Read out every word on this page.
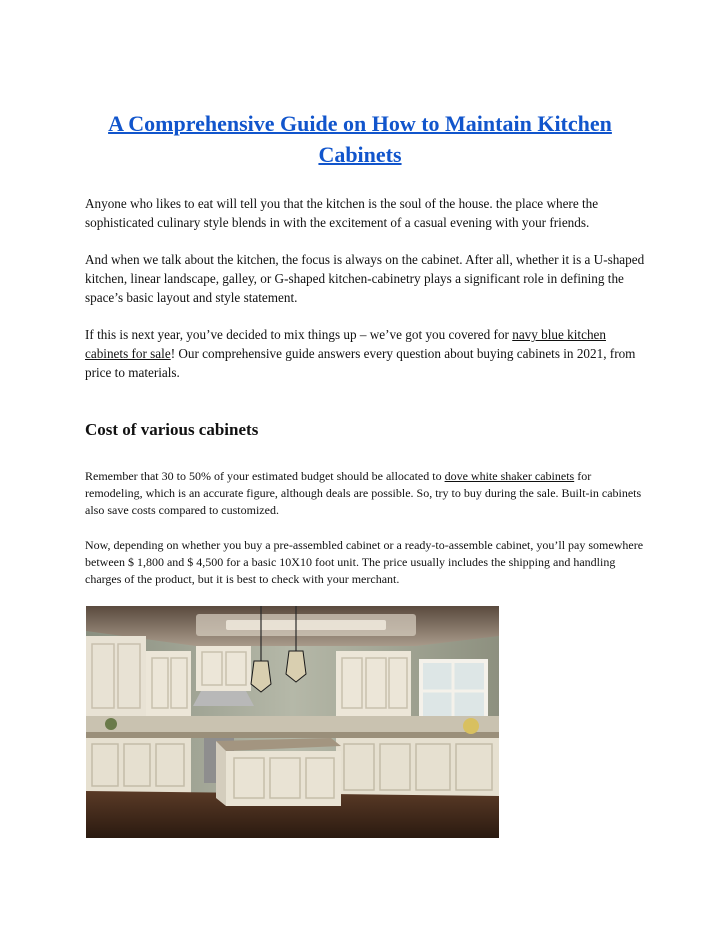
A Comprehensive Guide on How to Maintain Kitchen Cabinets

Anyone who likes to eat will tell you that the kitchen is the soul of the house. the place where the sophisticated culinary style blends in with the excitement of a casual evening with your friends.

And when we talk about the kitchen, the focus is always on the cabinet. After all, whether it is a U-shaped kitchen, linear landscape, galley, or G-shaped kitchen-cabinetry plays a significant role in defining the space’s basic layout and style statement.

If this is next year, you’ve decided to mix things up – we’ve got you covered for navy blue kitchen cabinets for sale! Our comprehensive guide answers every question about buying cabinets in 2021, from price to materials.

Cost of various cabinets

Remember that 30 to 50% of your estimated budget should be allocated to dove white shaker cabinets for remodeling, which is an accurate figure, although deals are possible. So, try to buy during the sale. Built-in cabinets also save costs compared to customized.

Now, depending on whether you buy a pre-assembled cabinet or a ready-to-assemble cabinet, you’ll pay somewhere between $ 1,800 and $ 4,500 for a basic 10X10 foot unit. The price usually includes the shipping and handling charges of the product, but it is best to check with your merchant.
